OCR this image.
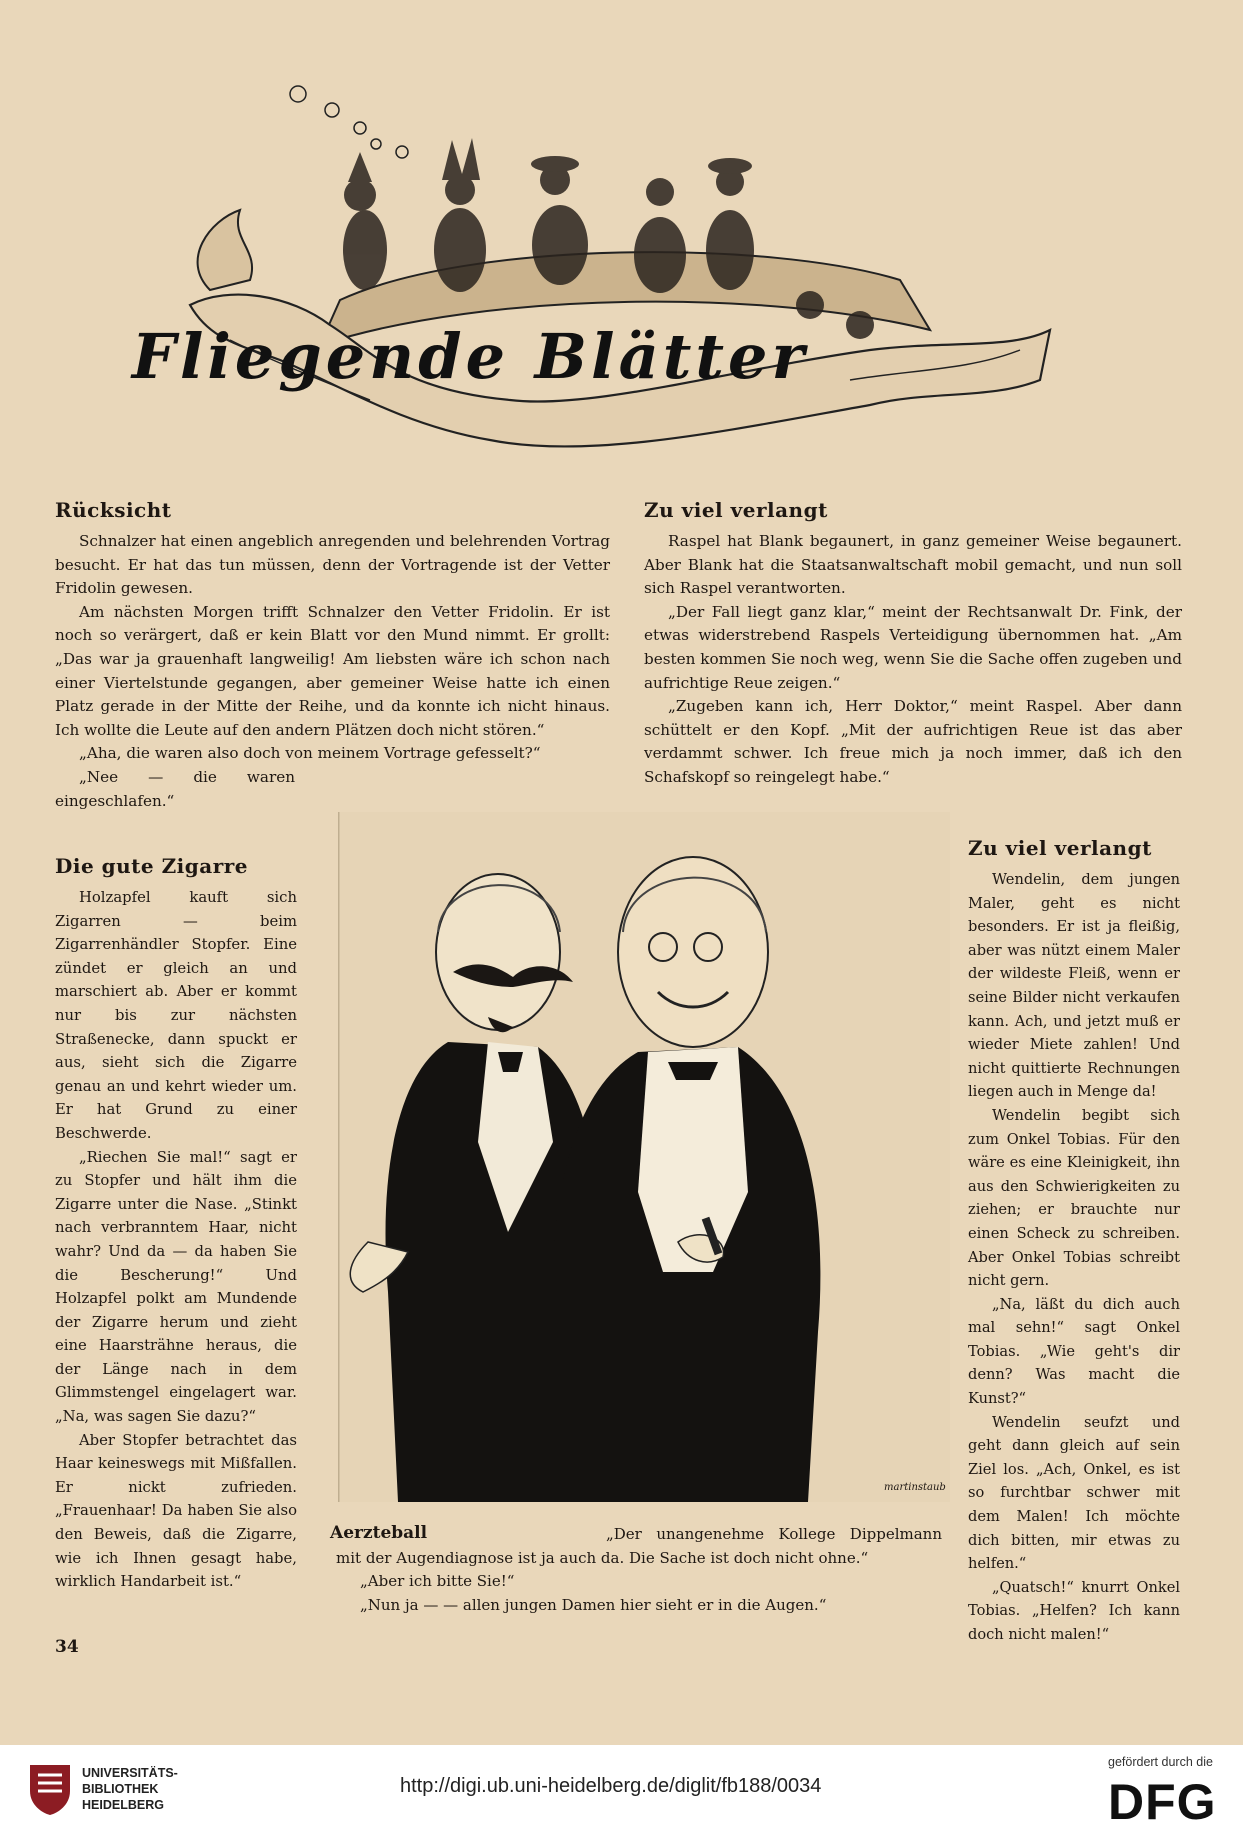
Fliegende Blätter
Rücksicht

Schnalzer hat einen angeblich anregenden und belehrenden Vortrag besucht. Er hat das tun müssen, denn der Vortragende ist der Vetter Fridolin gewesen.

Am nächsten Morgen trifft Schnalzer den Vetter Fridolin. Er ist noch so verärgert, daß er kein Blatt vor den Mund nimmt. Er grollt: „Das war ja grauenhaft langweilig! Am liebsten wäre ich schon nach einer Viertelstunde gegangen, aber gemeiner Weise hatte ich einen Platz gerade in der Mitte der Reihe, und da konnte ich nicht hinaus. Ich wollte die Leute auf den andern Plätzen doch nicht stören.“

„Aha, die waren also doch von meinem Vortrage gefesselt?“

„Nee — die waren eingeschlafen.“

Die gute Zigarre

Holzapfel kauft sich Zigarren — beim Zigarrenhändler Stopfer. Eine zündet er gleich an und marschiert ab. Aber er kommt nur bis zur nächsten Straßenecke, dann spuckt er aus, sieht sich die Zigarre genau an und kehrt wieder um. Er hat Grund zu einer Beschwerde.

„Riechen Sie mal!“ sagt er zu Stopfer und hält ihm die Zigarre unter die Nase. „Stinkt nach verbranntem Haar, nicht wahr? Und da — da haben Sie die Bescherung!“ Und Holzapfel polkt am Mundende der Zigarre herum und zieht eine Haarsträhne heraus, die der Länge nach in dem Glimmstengel eingelagert war. „Na, was sagen Sie dazu?“

Aber Stopfer betrachtet das Haar keineswegs mit Mißfallen. Er nickt zufrieden. „Frauenhaar! Da haben Sie also den Beweis, daß die Zigarre, wie ich Ihnen gesagt habe, wirklich Handarbeit ist.“

34
Zu viel verlangt

Raspel hat Blank begaunert, in ganz gemeiner Weise begaunert. Aber Blank hat die Staatsanwaltschaft mobil gemacht, und nun soll sich Raspel verantworten.

„Der Fall liegt ganz klar,“ meint der Rechtsanwalt Dr. Fink, der etwas widerstrebend Raspels Verteidigung übernommen hat. „Am besten kommen Sie noch weg, wenn Sie die Sache offen zugeben und aufrichtige Reue zeigen.“

„Zugeben kann ich, Herr Doktor,“ meint Raspel. Aber dann schüttelt er den Kopf. „Mit der aufrichtigen Reue ist das aber verdammt schwer. Ich freue mich ja noch immer, daß ich den Schafskopf so reingelegt habe.“

Zu viel verlangt

Wendelin, dem jungen Maler, geht es nicht besonders. Er ist ja fleißig, aber was nützt einem Maler der wildeste Fleiß, wenn er seine Bilder nicht verkaufen kann. Ach, und jetzt muß er wieder Miete zahlen! Und nicht quittierte Rechnungen liegen auch in Menge da!

Wendelin begibt sich zum Onkel Tobias. Für den wäre es eine Kleinigkeit, ihn aus den Schwierigkeiten zu ziehen; er brauchte nur einen Scheck zu schreiben. Aber Onkel Tobias schreibt nicht gern.

„Na, läßt du dich auch mal sehn!“ sagt Onkel Tobias. „Wie geht's dir denn? Was macht die Kunst?“

Wendelin seufzt und geht dann gleich auf sein Ziel los. „Ach, Onkel, es ist so furchtbar schwer mit dem Malen! Ich möchte dich bitten, mir etwas zu helfen.“

„Quatsch!“ knurrt Onkel Tobias. „Helfen? Ich kann doch nicht malen!“

martinstaub
Aerzteball	„Der unangenehme Kollege Dippelmann mit der Augendiagnose ist ja auch da. Die Sache ist doch nicht ohne.“
„Aber ich bitte Sie!“
„Nun ja — — allen jungen Damen hier sieht er in die Augen.“
UNIVERSITÄTS-
BIBLIOTHEK
HEIDELBERG
http://digi.ub.uni-heidelberg.de/diglit/fb188/0034
gefördert durch die
DFG
